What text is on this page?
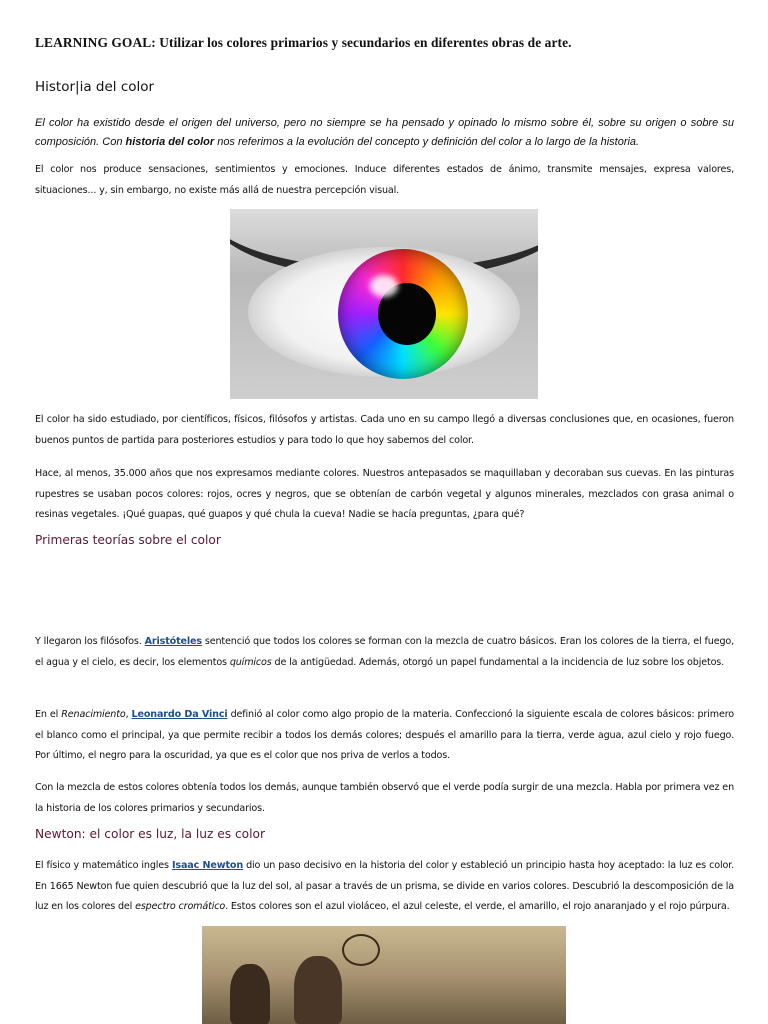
LEARNING GOAL: Utilizar los colores primarios y secundarios en diferentes obras de arte.
Histor|ia del color
El color ha existido desde el origen del universo, pero no siempre se ha pensado y opinado lo mismo sobre él, sobre su origen o sobre su composición. Con historia del color nos referimos a la evolución del concepto y definición del color a lo largo de la historia.
El color nos produce sensaciones, sentimientos y emociones. Induce diferentes estados de ánimo, transmite mensajes, expresa valores, situaciones... y, sin embargo, no existe más allá de nuestra percepción visual.
El color ha sido estudiado, por científicos, físicos, filósofos y artistas. Cada uno en su campo llegó a diversas conclusiones que, en ocasiones, fueron buenos puntos de partida para posteriores estudios y para todo lo que hoy sabemos del color.
Hace, al menos, 35.000 años que nos expresamos mediante colores. Nuestros antepasados se maquillaban y decoraban sus cuevas. En las pinturas rupestres se usaban pocos colores: rojos, ocres y negros, que se obtenían de carbón vegetal y algunos minerales, mezclados con grasa animal o resinas vegetales. ¡Qué guapas, qué guapos y qué chula la cueva! Nadie se hacía preguntas, ¿para qué?
Primeras teorías sobre el color
Y llegaron los filósofos. Aristóteles sentenció que todos los colores se forman con la mezcla de cuatro básicos. Eran los colores de la tierra, el fuego, el agua y el cielo, es decir, los elementos químicos de la antigüedad. Además, otorgó un papel fundamental a la incidencia de luz sobre los objetos.
En el Renacimiento, Leonardo Da Vinci definió al color como algo propio de la materia. Confeccionó la siguiente escala de colores básicos: primero el blanco como el principal, ya que permite recibir a todos los demás colores; después el amarillo para la tierra, verde agua, azul cielo y rojo fuego. Por último, el negro para la oscuridad, ya que es el color que nos priva de verlos a todos.
Con la mezcla de estos colores obtenía todos los demás, aunque también observó que el verde podía surgir de una mezcla. Habla por primera vez en la historia de los colores primarios y secundarios.
Newton: el color es luz, la luz es color
El físico y matemático ingles Isaac Newton dio un paso decisivo en la historia del color y estableció un principio hasta hoy aceptado: la luz es color. En 1665 Newton fue quien descubrió que la luz del sol, al pasar a través de un prisma, se divide en varios colores. Descubrió la descomposición de la luz en los colores del espectro cromático. Estos colores son el azul violáceo, el azul celeste, el verde, el amarillo, el rojo anaranjado y el rojo púrpura.
